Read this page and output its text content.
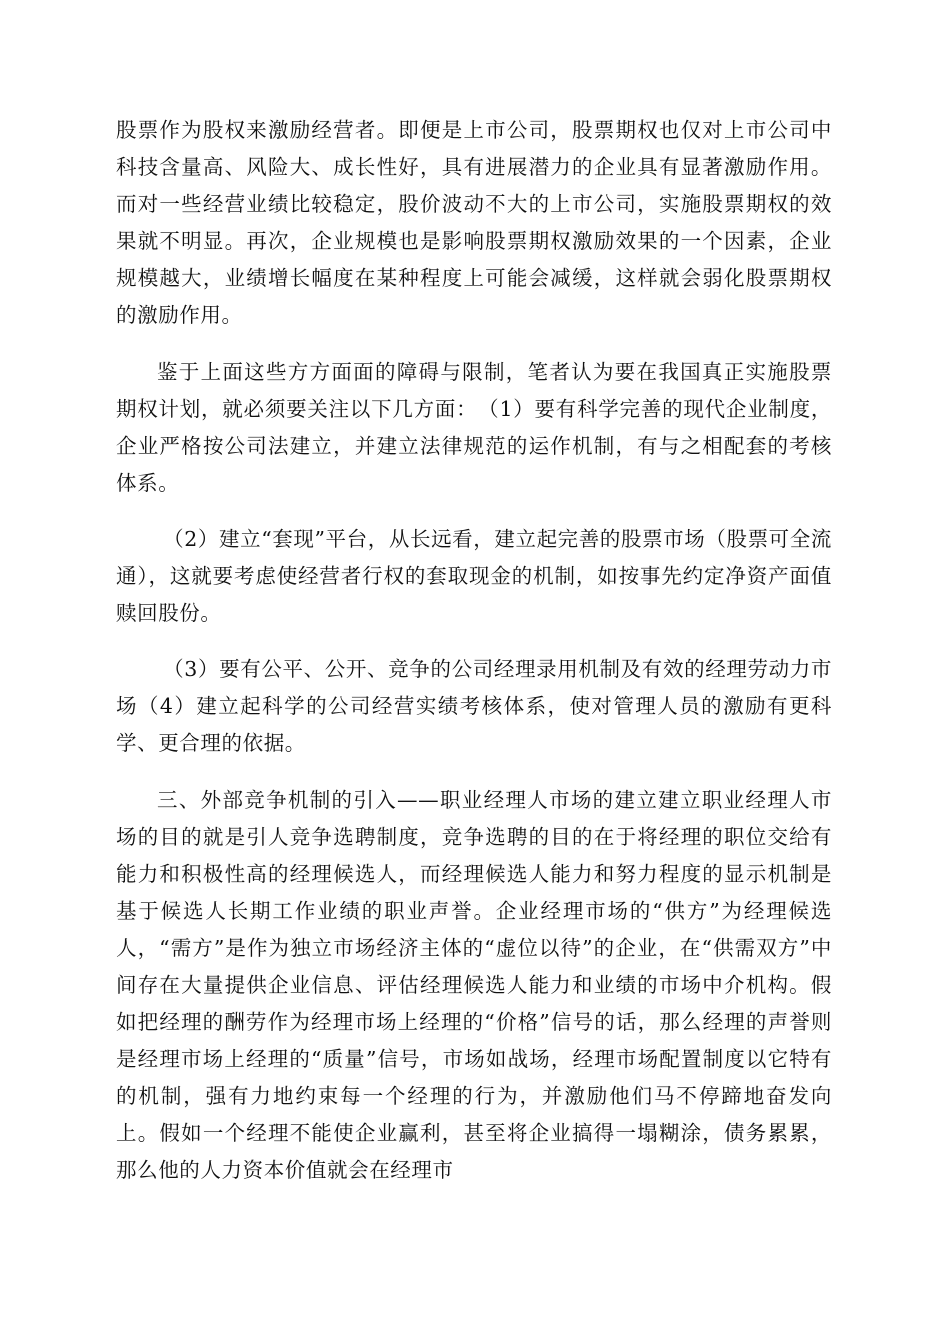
股票作为股权来激励经营者。即便是上市公司，股票期权也仅对上市公司中科技含量高、风险大、成长性好，具有进展潜力的企业具有显著激励作用。而对一些经营业绩比较稳定，股价波动不大的上市公司，实施股票期权的效果就不明显。再次，企业规模也是影响股票期权激励效果的一个因素，企业规模越大，业绩增长幅度在某种程度上可能会减缓，这样就会弱化股票期权的激励作用。

鉴于上面这些方方面面的障碍与限制，笔者认为要在我国真正实施股票期权计划，就必须要关注以下几方面：　（1）要有科学完善的现代企业制度，企业严格按公司法建立，并建立法律规范的运作机制，有与之相配套的考核体系。

（2）建立“套现”平台，从长远看，建立起完善的股票市场（股票可全流通），这就要考虑使经营者行权的套取现金的机制，如按事先约定净资产面值赎回股份。

（3）要有公平、公开、竞争的公司经理录用机制及有效的经理劳动力市场（4）建立起科学的公司经营实绩考核体系，使对管理人员的激励有更科学、更合理的依据。

三、外部竞争机制的引入——职业经理人市场的建立建立职业经理人市场的目的就是引人竞争选聘制度，竞争选聘的目的在于将经理的职位交给有能力和积极性高的经理候选人，而经理候选人能力和努力程度的显示机制是基于候选人长期工作业绩的职业声誉。企业经理市场的“供方”为经理候选人，“需方”是作为独立市场经济主体的“虚位以待”的企业，在“供需双方”中间存在大量提供企业信息、评估经理候选人能力和业绩的市场中介机构。假如把经理的酬劳作为经理市场上经理的“价格”信号的话，那么经理的声誉则是经理市场上经理的“质量”信号，市场如战场，经理市场配置制度以它特有的机制，强有力地约束每一个经理的行为，并激励他们马不停蹄地奋发向上。假如一个经理不能使企业赢利，甚至将企业搞得一塌糊涂，债务累累，那么他的人力资本价值就会在经理市
